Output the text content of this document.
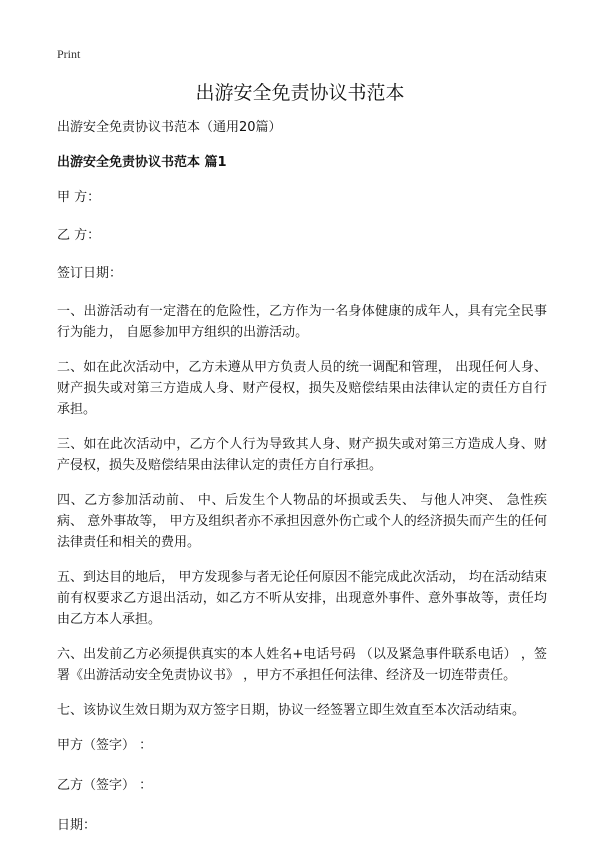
Print
出游安全免责协议书范本

出游安全免责协议书范本（通用20篇）

出游安全免责协议书范本 篇1

甲 方：

乙 方：

签订日期：

一、出游活动有一定潜在的危险性，乙方作为一名身体健康的成年人，具有完全民事行为能力， 自愿参加甲方组织的出游活动。

二、如在此次活动中，乙方未遵从甲方负责人员的统一调配和管理， 出现任何人身、 财产损失或对第三方造成人身、财产侵权，损失及赔偿结果由法律认定的责任方自行承担。

三、如在此次活动中，乙方个人行为导致其人身、财产损失或对第三方造成人身、财产侵权，损失及赔偿结果由法律认定的责任方自行承担。

四、乙方参加活动前、 中、后发生个人物品的坏损或丢失、 与他人冲突、 急性疾病、 意外事故等， 甲方及组织者亦不承担因意外伤亡或个人的经济损失而产生的任何法律责任和相关的费用。

五、到达目的地后， 甲方发现参与者无论任何原因不能完成此次活动， 均在活动结束前有权要求乙方退出活动，如乙方不听从安排，出现意外事件、意外事故等，责任均由乙方本人承担。

六、出发前乙方必须提供真实的本人姓名+电话号码 （以及紧急事件联系电话） ，签署《出游活动安全免责协议书》 ，甲方不承担任何法律、经济及一切连带责任。

七、该协议生效日期为双方签字日期，协议一经签署立即生效直至本次活动结束。

甲方（签字） ：

乙方（签字） ：

日期：
